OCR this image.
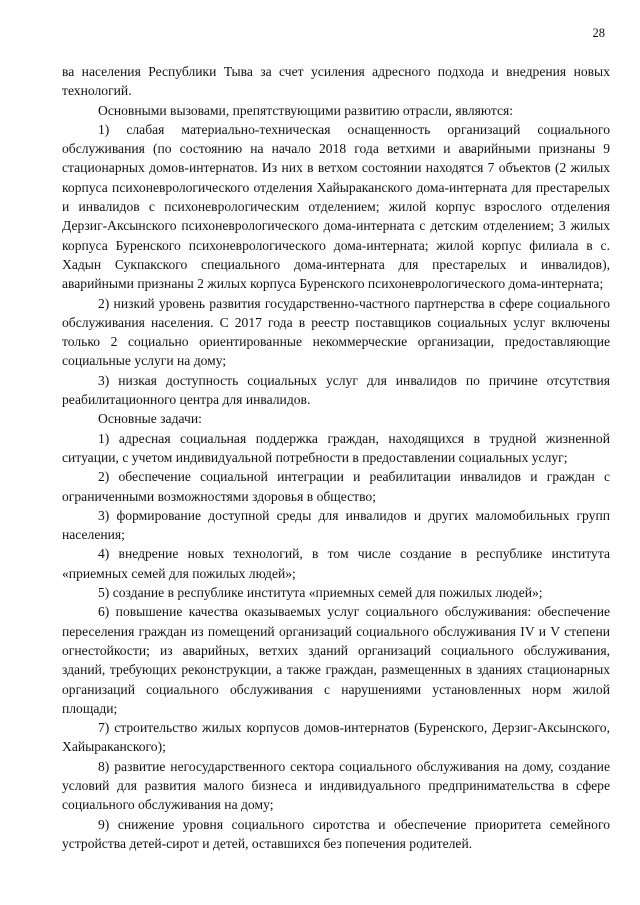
28

ва населения Республики Тыва за счет усиления адресного подхода и внедрения новых технологий.

Основными вызовами, препятствующими развитию отрасли, являются:

1) слабая материально-техническая оснащенность организаций социального обслуживания (по состоянию на начало 2018 года ветхими и аварийными признаны 9 стационарных домов-интернатов. Из них в ветхом состоянии находятся 7 объектов (2 жилых корпуса психоневрологического отделения Хайыраканского дома-интерната для престарелых и инвалидов с психоневрологическим отделением; жилой корпус взрослого отделения Дерзиг-Аксынского психоневрологического дома-интерната с детским отделением; 3 жилых корпуса Буренского психоневрологического дома-интерната; жилой корпус филиала в с. Хадын Сукпакского специального дома-интерната для престарелых и инвалидов), аварийными признаны 2 жилых корпуса Буренского психоневрологического дома-интерната;

2) низкий уровень развития государственно-частного партнерства в сфере социального обслуживания населения. С 2017 года в реестр поставщиков социальных услуг включены только 2 социально ориентированные некоммерческие организации, предоставляющие социальные услуги на дому;

3) низкая доступность социальных услуг для инвалидов по причине отсутствия реабилитационного центра для инвалидов.

Основные задачи:

1) адресная социальная поддержка граждан, находящихся в трудной жизненной ситуации, с учетом индивидуальной потребности в предоставлении социальных услуг;

2) обеспечение социальной интеграции и реабилитации инвалидов и граждан с ограниченными возможностями здоровья в общество;

3) формирование доступной среды для инвалидов и других маломобильных групп населения;

4) внедрение новых технологий, в том числе создание в республике института «приемных семей для пожилых людей»;

5) создание в республике института «приемных семей для пожилых людей»;

6) повышение качества оказываемых услуг социального обслуживания: обеспечение переселения граждан из помещений организаций социального обслуживания IV и V степени огнестойкости; из аварийных, ветхих зданий организаций социального обслуживания, зданий, требующих реконструкции, а также граждан, размещенных в зданиях стационарных организаций социального обслуживания с нарушениями установленных норм жилой площади;

7) строительство жилых корпусов домов-интернатов (Буренского, Дерзиг-Аксынского, Хайыраканского);

8) развитие негосударственного сектора социального обслуживания на дому, создание условий для развития малого бизнеса и индивидуального предпринимательства в сфере социального обслуживания на дому;

9) снижение уровня социального сиротства и обеспечение приоритета семейного устройства детей-сирот и детей, оставшихся без попечения родителей.
